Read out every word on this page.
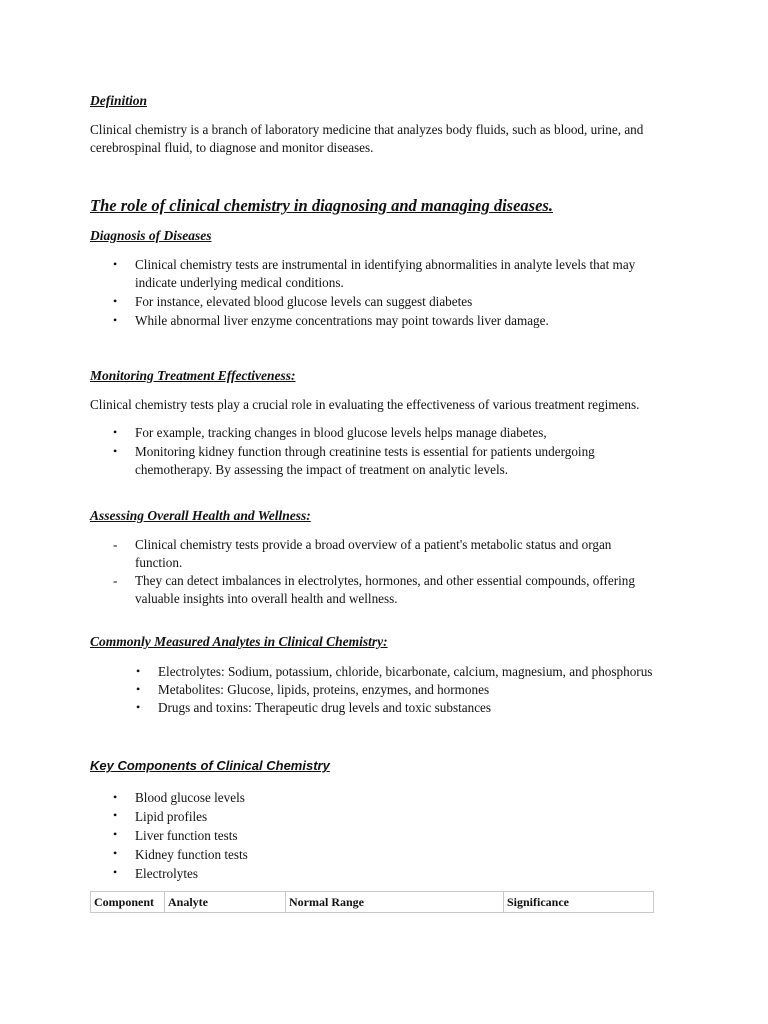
Definition
Clinical chemistry is a branch of laboratory medicine that analyzes body fluids, such as blood, urine, and
cerebrospinal fluid, to diagnose and monitor diseases.
The role of clinical chemistry in diagnosing and managing diseases.
Diagnosis of Diseases
• Clinical chemistry tests are instrumental in identifying abnormalities in analyte levels that may
indicate underlying medical conditions.
• For instance, elevated blood glucose levels can suggest diabetes
• While abnormal liver enzyme concentrations may point towards liver damage.
Monitoring Treatment Effectiveness:
Clinical chemistry tests play a crucial role in evaluating the effectiveness of various treatment regimens.
• For example, tracking changes in blood glucose levels helps manage diabetes,
• Monitoring kidney function through creatinine tests is essential for patients undergoing
chemotherapy. By assessing the impact of treatment on analytic levels.
Assessing Overall Health and Wellness:
- Clinical chemistry tests provide a broad overview of a patient's metabolic status and organ
function.
- They can detect imbalances in electrolytes, hormones, and other essential compounds, offering
valuable insights into overall health and wellness.
Commonly Measured Analytes in Clinical Chemistry:
• Electrolytes: Sodium, potassium, chloride, bicarbonate, calcium, magnesium, and phosphorus
• Metabolites: Glucose, lipids, proteins, enzymes, and hormones
• Drugs and toxins: Therapeutic drug levels and toxic substances
Key Components of Clinical Chemistry
• Blood glucose levels
• Lipid profiles
• Liver function tests
• Kidney function tests
• Electrolytes
Component	Analyte	Normal Range	Significance
